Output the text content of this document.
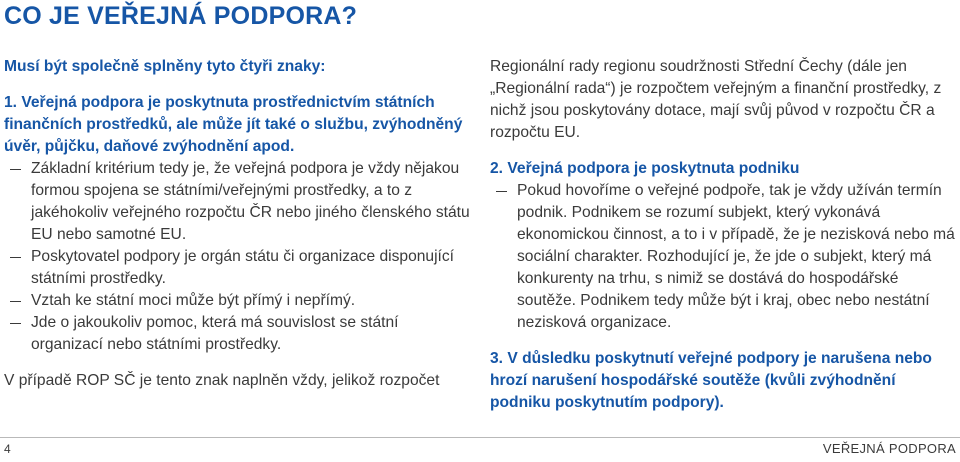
CO JE VEŘEJNÁ PODPORA?

Musí být společně splněny tyto čtyři znaky:

1. Veřejná podpora je poskytnuta prostřednictvím státních finančních prostředků, ale může jít také o službu, zvýhodněný úvěr, půjčku, daňové zvýhodnění apod.

Základní kritérium tedy je, že veřejná podpora je vždy nějakou formou spojena se státními/veřejnými prostředky, a to z jakéhokoliv veřejného rozpočtu ČR nebo jiného členského státu EU nebo samotné EU.

Poskytovatel podpory je orgán státu či organizace disponující státními prostředky.

Vztah ke státní moci může být přímý i nepřímý.

Jde o jakoukoliv pomoc, která má souvislost se státní organizací nebo státními prostředky.

V případě ROP SČ je tento znak naplněn vždy, jelikož rozpočet

Regionální rady regionu soudržnosti Střední Čechy (dále jen „Regionální rada“) je rozpočtem veřejným a finanční prostředky, z nichž jsou poskytovány dotace, mají svůj původ v rozpočtu ČR a rozpočtu EU.

2. Veřejná podpora je poskytnuta podniku

Pokud hovoříme o veřejné podpoře, tak je vždy užíván termín podnik. Podnikem se rozumí subjekt, který vykonává ekonomickou činnost, a to i v případě, že je nezisková nebo má sociální charakter. Rozhodující je, že jde o subjekt, který má konkurenty na trhu, s nimiž se dostává do hospodářské soutěže. Podnikem tedy může být i kraj, obec nebo nestátní nezisková organizace.

3. V důsledku poskytnutí veřejné podpory je narušena nebo hrozí narušení hospodářské soutěže (kvůli zvýhodnění podniku poskytnutím podpory).

4	VEŘEJNÁ PODPORA
